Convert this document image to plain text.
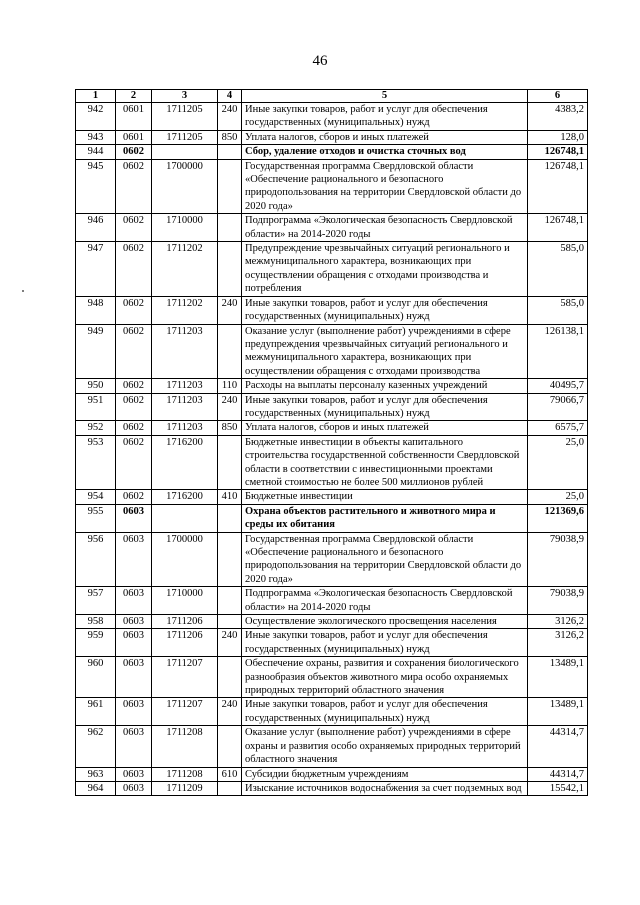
46
1	2	3	4	5	6
942	0601	1711205	240	Иные закупки товаров, работ и услуг для обеспечения государственных (муниципальных) нужд	4383,2
943	0601	1711205	850	Уплата налогов, сборов и иных платежей	128,0
944	0602			Сбор, удаление отходов и очистка сточных вод	126748,1
945	0602	1700000		Государственная программа Свердловской области «Обеспечение рационального и безопасного природопользования на территории Свердловской области до 2020 года»	126748,1
946	0602	1710000		Подпрограмма «Экологическая безопасность Свердловской области» на 2014-2020 годы	126748,1
947	0602	1711202		Предупреждение чрезвычайных ситуаций регионального и межмуниципального характера, возникающих при осуществлении обращения с отходами производства и потребления	585,0
948	0602	1711202	240	Иные закупки товаров, работ и услуг для обеспечения государственных (муниципальных) нужд	585,0
949	0602	1711203		Оказание услуг (выполнение работ) учреждениями в сфере предупреждения чрезвычайных ситуаций регионального и межмуниципального характера, возникающих при осуществлении обращения с отходами производства	126138,1
950	0602	1711203	110	Расходы на выплаты персоналу казенных учреждений	40495,7
951	0602	1711203	240	Иные закупки товаров, работ и услуг для обеспечения государственных (муниципальных) нужд	79066,7
952	0602	1711203	850	Уплата налогов, сборов и иных платежей	6575,7
953	0602	1716200		Бюджетные инвестиции в объекты капитального строительства государственной собственности Свердловской области в соответствии с инвестиционными проектами сметной стоимостью не более 500 миллионов рублей	25,0
954	0602	1716200	410	Бюджетные инвестиции	25,0
955	0603			Охрана объектов растительного и животного мира и среды их обитания	121369,6
956	0603	1700000		Государственная программа Свердловской области «Обеспечение рационального и безопасного природопользования на территории Свердловской области до 2020 года»	79038,9
957	0603	1710000		Подпрограмма «Экологическая безопасность Свердловской области» на 2014-2020 годы	79038,9
958	0603	1711206		Осуществление экологического просвещения населения	3126,2
959	0603	1711206	240	Иные закупки товаров, работ и услуг для обеспечения государственных (муниципальных) нужд	3126,2
960	0603	1711207		Обеспечение охраны, развития и сохранения биологического разнообразия объектов животного мира особо охраняемых природных территорий областного значения	13489,1
961	0603	1711207	240	Иные закупки товаров, работ и услуг для обеспечения государственных (муниципальных) нужд	13489,1
962	0603	1711208		Оказание услуг (выполнение работ) учреждениями в сфере охраны и развития особо охраняемых природных территорий областного значения	44314,7
963	0603	1711208	610	Субсидии бюджетным учреждениям	44314,7
964	0603	1711209		Изыскание источников водоснабжения за счет подземных вод	15542,1
